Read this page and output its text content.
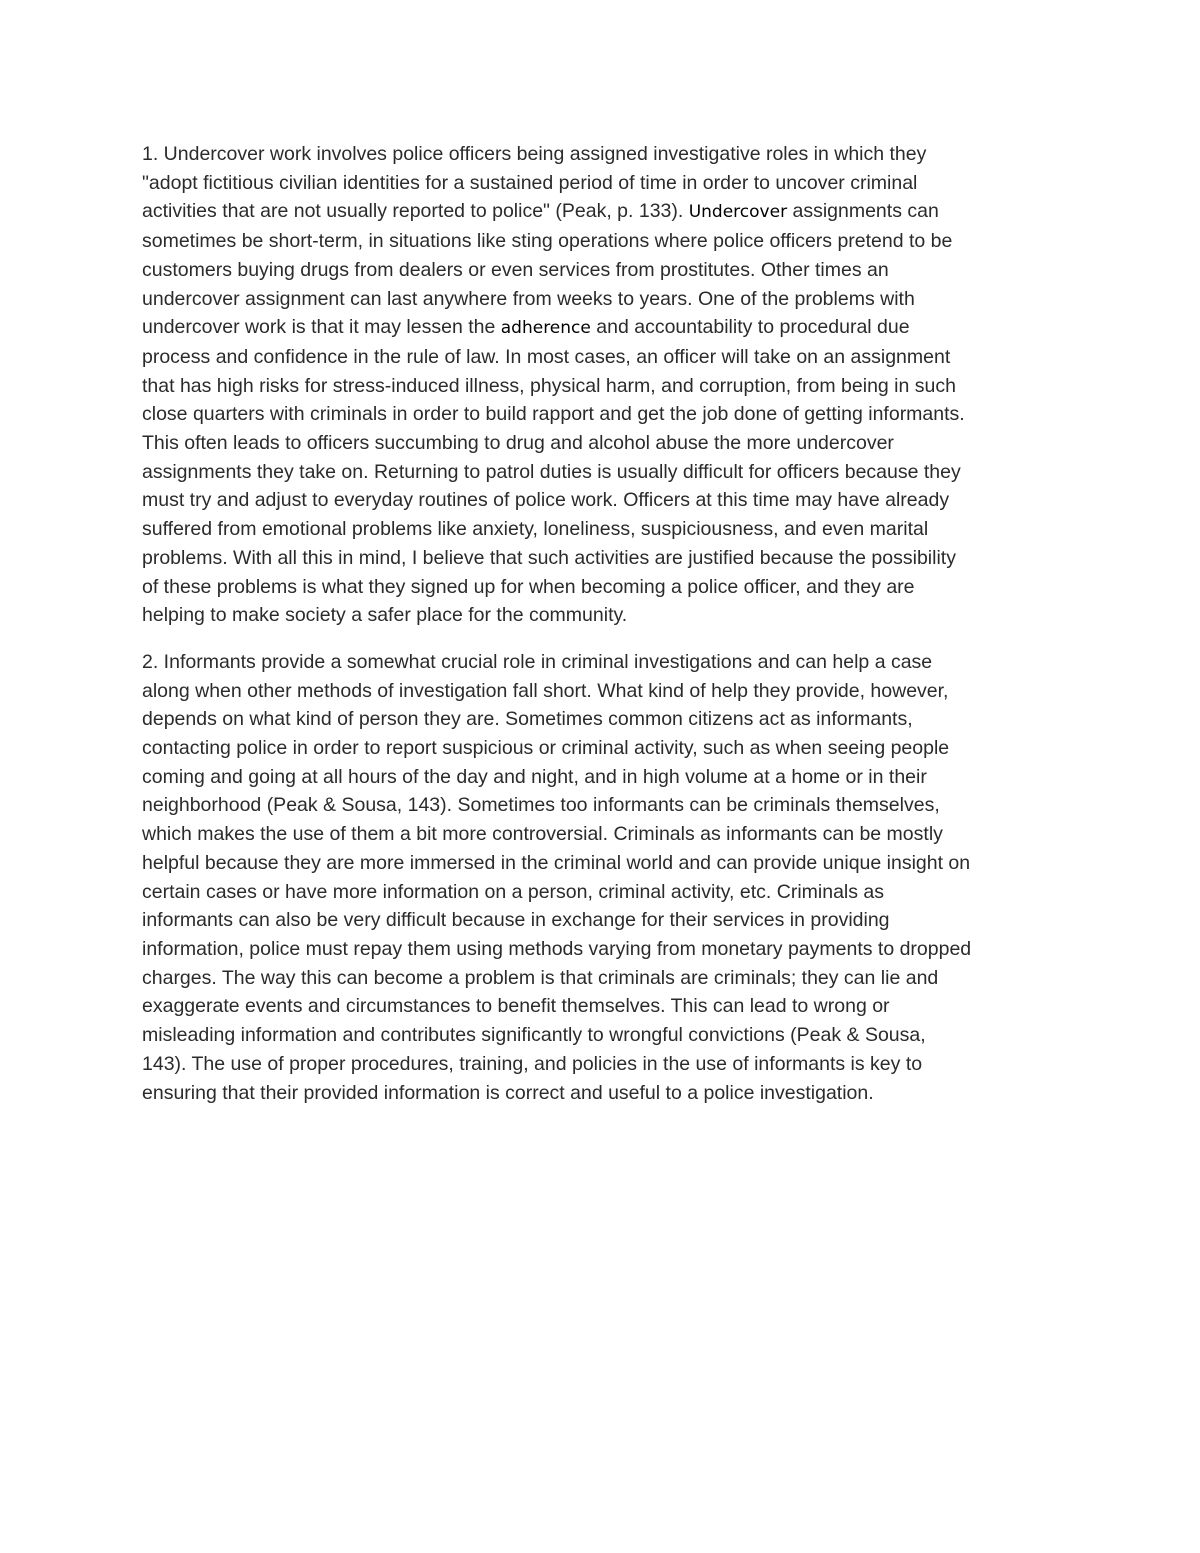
1. Undercover work involves police officers being assigned investigative roles in which they
"adopt fictitious civilian identities for a sustained period of time in order to uncover criminal
activities that are not usually reported to police" (Peak, p. 133). Undercover assignments can
sometimes be short-term, in situations like sting operations where police officers pretend to be
customers buying drugs from dealers or even services from prostitutes. Other times an
undercover assignment can last anywhere from weeks to years. One of the problems with
undercover work is that it may lessen the adherence and accountability to procedural due
process and confidence in the rule of law. In most cases, an officer will take on an assignment
that has high risks for stress-induced illness, physical harm, and corruption, from being in such
close quarters with criminals in order to build rapport and get the job done of getting informants.
This often leads to officers succumbing to drug and alcohol abuse the more undercover
assignments they take on. Returning to patrol duties is usually difficult for officers because they
must try and adjust to everyday routines of police work. Officers at this time may have already
suffered from emotional problems like anxiety, loneliness, suspiciousness, and even marital
problems. With all this in mind, I believe that such activities are justified because the possibility
of these problems is what they signed up for when becoming a police officer, and they are
helping to make society a safer place for the community.

2. Informants provide a somewhat crucial role in criminal investigations and can help a case
along when other methods of investigation fall short. What kind of help they provide, however,
depends on what kind of person they are. Sometimes common citizens act as informants,
contacting police in order to report suspicious or criminal activity, such as when seeing people
coming and going at all hours of the day and night, and in high volume at a home or in their
neighborhood (Peak & Sousa, 143). Sometimes too informants can be criminals themselves,
which makes the use of them a bit more controversial. Criminals as informants can be mostly
helpful because they are more immersed in the criminal world and can provide unique insight on
certain cases or have more information on a person, criminal activity, etc. Criminals as
informants can also be very difficult because in exchange for their services in providing
information, police must repay them using methods varying from monetary payments to dropped
charges. The way this can become a problem is that criminals are criminals; they can lie and
exaggerate events and circumstances to benefit themselves. This can lead to wrong or
misleading information and contributes significantly to wrongful convictions (Peak & Sousa,
143). The use of proper procedures, training, and policies in the use of informants is key to
ensuring that their provided information is correct and useful to a police investigation.
